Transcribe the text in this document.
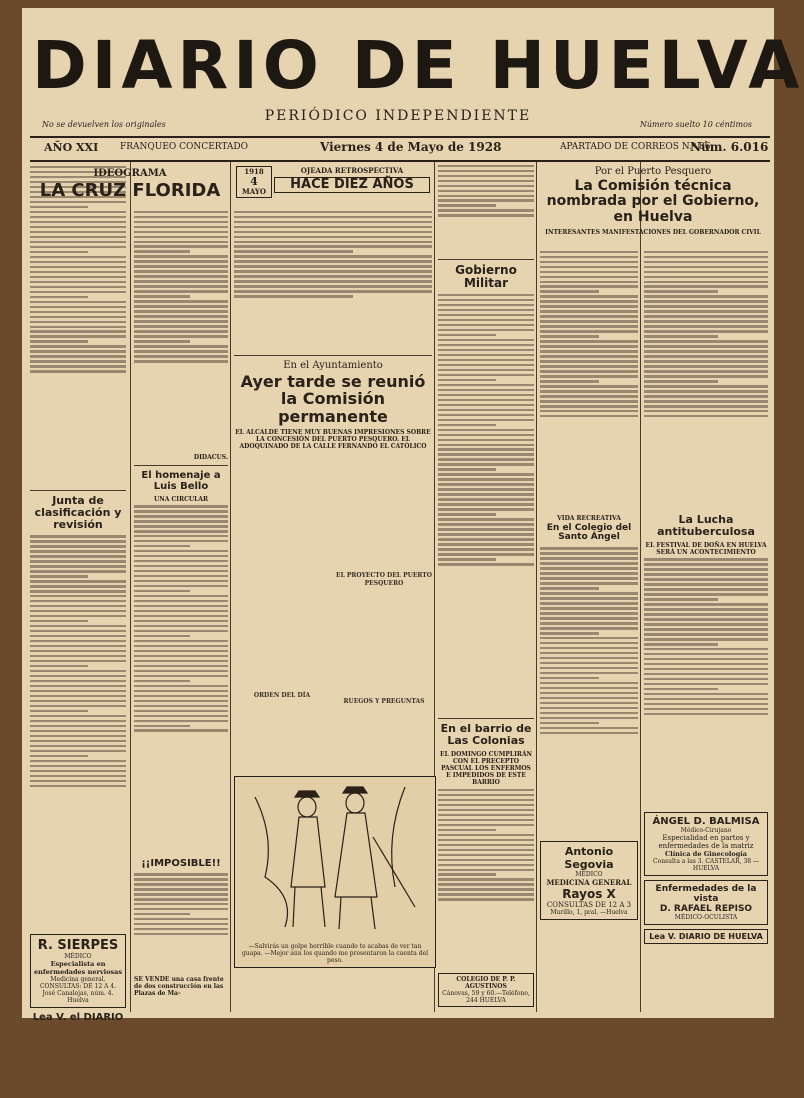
DIARIO DE HUELVA
PERIÓDICO INDEPENDIENTE
No se devuelven los originales	Número suelto 10 céntimos
AÑO XXI FRANQUEO CONCERTADO	Viernes 4 de Mayo de 1928	APARTADO DE CORREOS N.º 86
Núm. 6.016
Junta de clasificación y revisión
R. SIERPES
MÉDICO
Especialista en enfermedades nerviosas
Medicina general. CONSULTAS: DE 12 A 4. José Canalejas, núm. 4. Huelva
Lea V. el DIARIO
IDEOGRAMA
LA CRUZ FLORIDA
DIDACUS.
El homenaje a Luis Bello
UNA CIRCULAR
¡¡IMPOSIBLE!!
SE VENDE una casa frente de dos construcción en las Plazas de Ma-
1918
4
MAYO
OJEADA RETROSPECTIVA
HACE DIEZ AÑOS
En el Ayuntamiento
Ayer tarde se reunió la Comisión permanente
EL ALCALDE TIENE MUY BUENAS IMPRESIONES SOBRE LA CONCESIÓN DEL PUERTO PESQUERO. EL ADOQUINADO DE LA CALLE FERNANDO EL CATÓLICO
ORDEN DEL DÍA
EL PROYECTO DEL PUERTO PESQUERO
RUEGOS Y PREGUNTAS
—Salvirás un golpe horrible cuando te acabas de ver tan guapa. —Mejor aún los quando me presentaron la cuenta del peso.
Gobierno Militar
En el barrio de Las Colonias
EL DOMINGO CUMPLIRÁN CON EL PRECEPTO PASCUAL LOS ENFERMOS E IMPEDIDOS DE ESTE BARRIO
COLEGIO DE P. P. AGUSTINOS
Cánovas, 59 y 60.—Teléfono, 244 HUELVA
Por el Puerto Pesquero
La Comisión técnica nombrada por el Gobierno, en Huelva
INTERESANTES MANIFESTACIONES DEL GOBERNADOR CIVIL
VIDA RECREATIVA
En el Colegio del Santo Ángel
Antonio Segovia
MÉDICO
MEDICINA GENERAL
Rayos X
CONSULTAS DE 12 A 3
Murillo, 1, pral. —Huelva
La Lucha antituberculosa
EL FESTIVAL DE DOÑA EN HUELVA SERÁ UN ACONTECIMIENTO
ÁNGEL D. BALMISA
Médico-Cirujano
Especialidad en partos y enfermedades de la matriz
Clínica de Ginecología
Consulta a las 3. CASTELAR, 38 — HUELVA
Enfermedades de la vista
D. RAFAEL REPISO
MÉDICO-OCULISTA
Lea V. DIARIO DE HUELVA
